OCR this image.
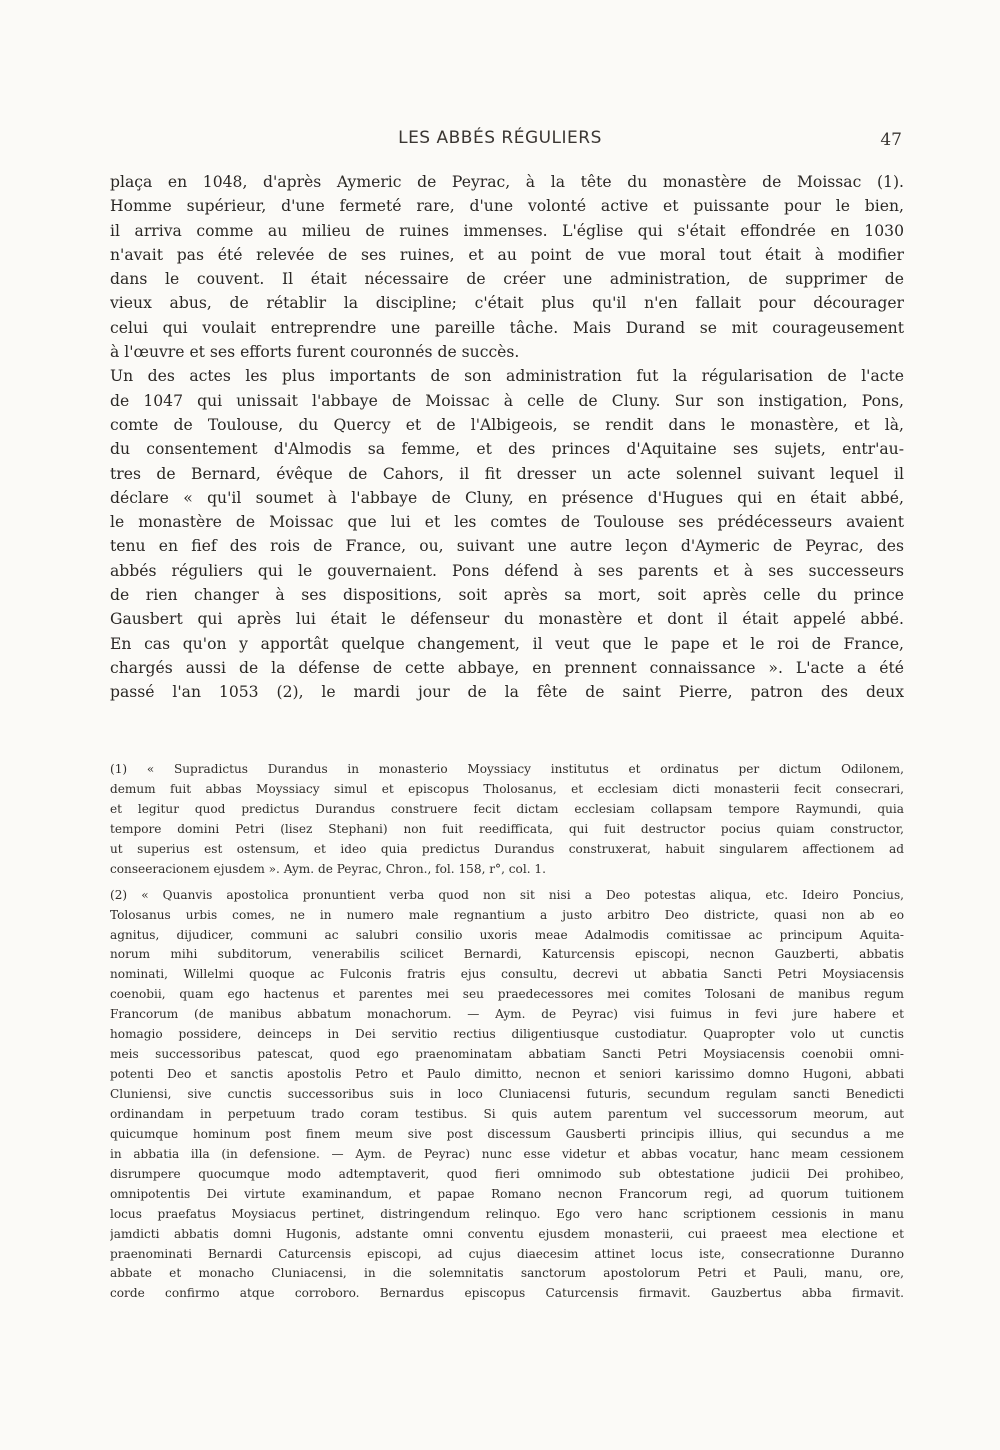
LES ABBÉS RÉGULIERS	47
plaça en 1048, d'après Aymeric de Peyrac, à la tête du monastère de Moissac (1).
Homme supérieur, d'une fermeté rare, d'une volonté active et puissante pour le bien,
il arriva comme au milieu de ruines immenses. L'église qui s'était effondrée en 1030
n'avait pas été relevée de ses ruines, et au point de vue moral tout était à modifier
dans le couvent. Il était nécessaire de créer une administration, de supprimer de
vieux abus, de rétablir la discipline; c'était plus qu'il n'en fallait pour décourager
celui qui voulait entreprendre une pareille tâche. Mais Durand se mit courageusement
à l'œuvre et ses efforts furent couronnés de succès.
Un des actes les plus importants de son administration fut la régularisation de l'acte
de 1047 qui unissait l'abbaye de Moissac à celle de Cluny. Sur son instigation, Pons,
comte de Toulouse, du Quercy et de l'Albigeois, se rendit dans le monastère, et là,
du consentement d'Almodis sa femme, et des princes d'Aquitaine ses sujets, entr'au-
tres de Bernard, évêque de Cahors, il fit dresser un acte solennel suivant lequel il
déclare « qu'il soumet à l'abbaye de Cluny, en présence d'Hugues qui en était abbé,
le monastère de Moissac que lui et les comtes de Toulouse ses prédécesseurs avaient
tenu en fief des rois de France, ou, suivant une autre leçon d'Aymeric de Peyrac, des
abbés réguliers qui le gouvernaient. Pons défend à ses parents et à ses successeurs
de rien changer à ses dispositions, soit après sa mort, soit après celle du prince
Gausbert qui après lui était le défenseur du monastère et dont il était appelé abbé.
En cas qu'on y apportât quelque changement, il veut que le pape et le roi de France,
chargés aussi de la défense de cette abbaye, en prennent connaissance ». L'acte a été
passé l'an 1053 (2), le mardi jour de la fête de saint Pierre, patron des deux
(1) « Supradictus Durandus in monasterio Moyssiacy institutus et ordinatus per dictum Odilonem,
demum fuit abbas Moyssiacy simul et episcopus Tholosanus, et ecclesiam dicti monasterii fecit consecrari,
et legitur quod predictus Durandus construere fecit dictam ecclesiam collapsam tempore Raymundi, quia
tempore domini Petri (lisez Stephani) non fuit reedifficata, qui fuit destructor pocius quiam constructor,
ut superius est ostensum, et ideo quia predictus Durandus construxerat, habuit singularem affectionem ad
conseeracionem ejusdem ». Aym. de Peyrac, Chron., fol. 158, r°, col. 1.
(2) « Quanvis apostolica pronuntient verba quod non sit nisi a Deo potestas aliqua, etc. Ideiro Poncius,
Tolosanus urbis comes, ne in numero male regnantium a justo arbitro Deo districte, quasi non ab eo
agnitus, dijudicer, communi ac salubri consilio uxoris meae Adalmodis comitissae ac principum Aquita-
norum mihi subditorum, venerabilis scilicet Bernardi, Katurcensis episcopi, necnon Gauzberti, abbatis
nominati, Willelmi quoque ac Fulconis fratris ejus consultu, decrevi ut abbatia Sancti Petri Moysiacensis
coenobii, quam ego hactenus et parentes mei seu praedecessores mei comites Tolosani de manibus regum
Francorum (de manibus abbatum monachorum. — Aym. de Peyrac) visi fuimus in fevi jure habere et
homagio possidere, deinceps in Dei servitio rectius diligentiusque custodiatur. Quapropter volo ut cunctis
meis successoribus patescat, quod ego praenominatam abbatiam Sancti Petri Moysiacensis coenobii omni-
potenti Deo et sanctis apostolis Petro et Paulo dimitto, necnon et seniori karissimo domno Hugoni, abbati
Cluniensi, sive cunctis successoribus suis in loco Cluniacensi futuris, secundum regulam sancti Benedicti
ordinandam in perpetuum trado coram testibus. Si quis autem parentum vel successorum meorum, aut
quicumque hominum post finem meum sive post discessum Gausberti principis illius, qui secundus a me
in abbatia illa (in defensione. — Aym. de Peyrac) nunc esse videtur et abbas vocatur, hanc meam cessionem
disrumpere quocumque modo adtemptaverit, quod fieri omnimodo sub obtestatione judicii Dei prohibeo,
omnipotentis Dei virtute examinandum, et papae Romano necnon Francorum regi, ad quorum tuitionem
locus praefatus Moysiacus pertinet, distringendum relinquo. Ego vero hanc scriptionem cessionis in manu
jamdicti abbatis domni Hugonis, adstante omni conventu ejusdem monasterii, cui praeest mea electione et
praenominati Bernardi Caturcensis episcopi, ad cujus diaecesim attinet locus iste, consecrationne Duranno
abbate et monacho Cluniacensi, in die solemnitatis sanctorum apostolorum Petri et Pauli, manu, ore,
corde confirmo atque corroboro. Bernardus episcopus Caturcensis firmavit. Gauzbertus abba firmavit.
